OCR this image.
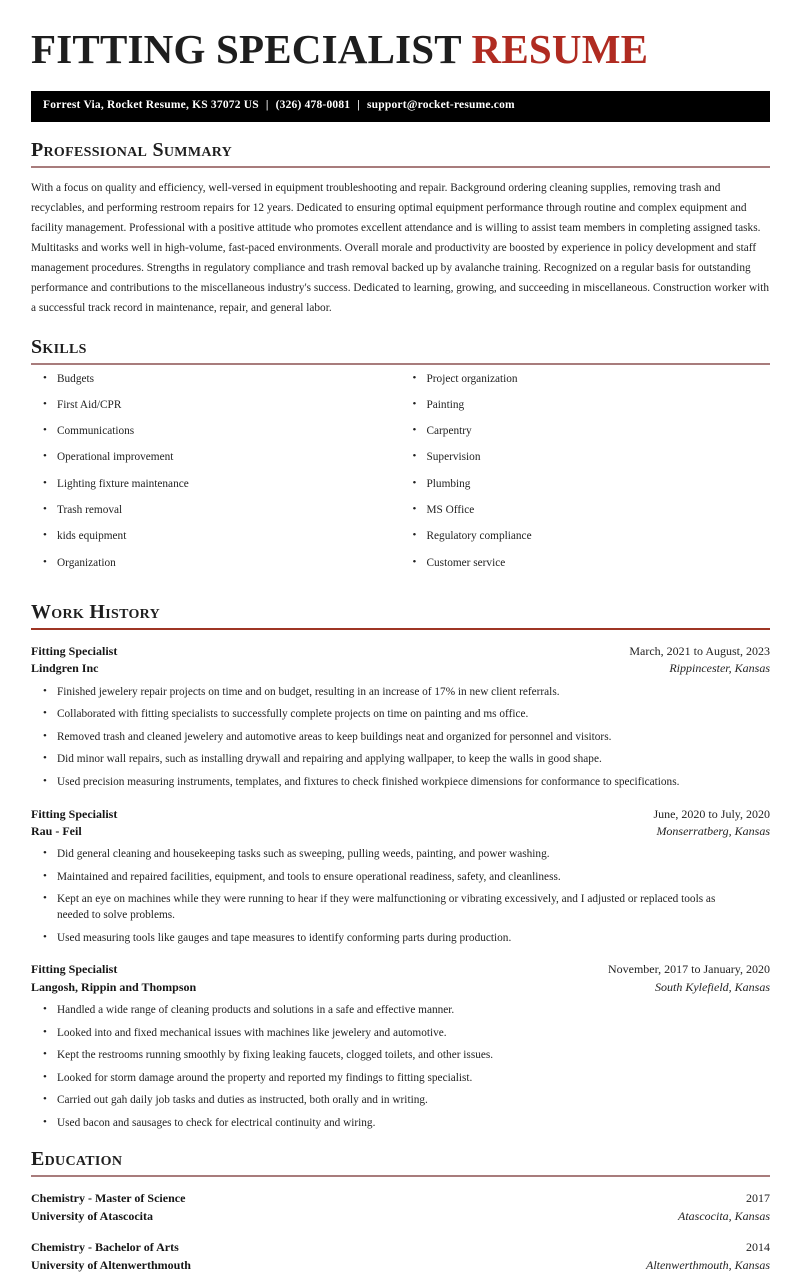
FITTING SPECIALIST RESUME
Forrest Via, Rocket Resume, KS 37072 US | (326) 478-0081 | support@rocket-resume.com
Professional Summary

With a focus on quality and efficiency, well-versed in equipment troubleshooting and repair. Background ordering cleaning supplies, removing trash and recyclables, and performing restroom repairs for 12 years. Dedicated to ensuring optimal equipment performance through routine and complex equipment and facility management. Professional with a positive attitude who promotes excellent attendance and is willing to assist team members in completing assigned tasks. Multitasks and works well in high-volume, fast-paced environments. Overall morale and productivity are boosted by experience in policy development and staff management procedures. Strengths in regulatory compliance and trash removal backed up by avalanche training. Recognized on a regular basis for outstanding performance and contributions to the miscellaneous industry's success. Dedicated to learning, growing, and succeeding in miscellaneous. Construction worker with a successful track record in maintenance, repair, and general labor.

Skills
• Budgets
• First Aid/CPR
• Communications
• Operational improvement
• Lighting fixture maintenance
• Trash removal
• kids equipment
• Organization
• Project organization
• Painting
• Carpentry
• Supervision
• Plumbing
• MS Office
• Regulatory compliance
• Customer service
Work History
Fitting Specialist	March, 2021 to August, 2023
Lindgren Inc	Rippincester, Kansas
• Finished jewelery repair projects on time and on budget, resulting in an increase of 17% in new client referrals.
• Collaborated with fitting specialists to successfully complete projects on time on painting and ms office.
• Removed trash and cleaned jewelery and automotive areas to keep buildings neat and organized for personnel and visitors.
• Did minor wall repairs, such as installing drywall and repairing and applying wallpaper, to keep the walls in good shape.
• Used precision measuring instruments, templates, and fixtures to check finished workpiece dimensions for conformance to specifications.
Fitting Specialist	June, 2020 to July, 2020
Rau - Feil	Monserratberg, Kansas
• Did general cleaning and housekeeping tasks such as sweeping, pulling weeds, painting, and power washing.
• Maintained and repaired facilities, equipment, and tools to ensure operational readiness, safety, and cleanliness.
• Kept an eye on machines while they were running to hear if they were malfunctioning or vibrating excessively, and I adjusted or replaced tools as needed to solve problems.
• Used measuring tools like gauges and tape measures to identify conforming parts during production.
Fitting Specialist	November, 2017 to January, 2020
Langosh, Rippin and Thompson	South Kylefield, Kansas
• Handled a wide range of cleaning products and solutions in a safe and effective manner.
• Looked into and fixed mechanical issues with machines like jewelery and automotive.
• Kept the restrooms running smoothly by fixing leaking faucets, clogged toilets, and other issues.
• Looked for storm damage around the property and reported my findings to fitting specialist.
• Carried out gah daily job tasks and duties as instructed, both orally and in writing.
• Used bacon and sausages to check for electrical continuity and wiring.
Education
Chemistry - Master of Science	2017
University of Atascocita	Atascocita, Kansas
Chemistry - Bachelor of Arts	2014
University of Altenwerthmouth	Altenwerthmouth, Kansas
